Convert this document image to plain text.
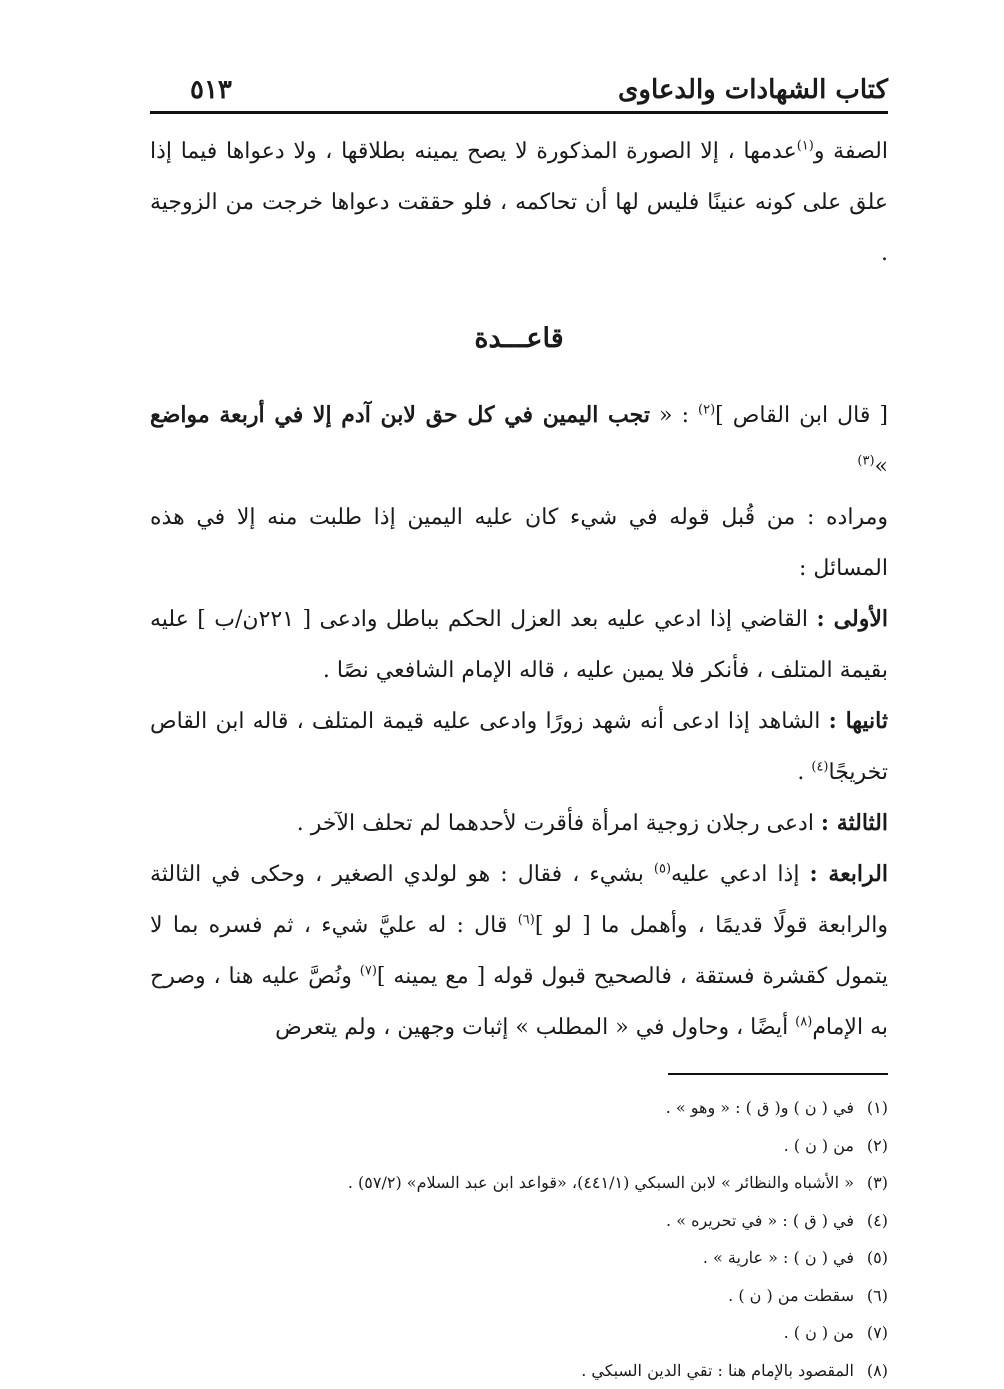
كتاب الشهادات والدعاوى
٥١٣

الصفة و$^{(١)}$عدمها ، إلا الصورة المذكورة لا يصح يمينه بطلاقها ، ولا دعواها فيما إذا علق على كونه عنينًا فليس لها أن تحاكمه ، فلو حققت دعواها خرجت من الزوجية .

قاعـــدة

[ قال ابن القاص ]$^{(٢)}$ : « تجب اليمين في كل حق لابن آدم إلا في أربعة مواضع »$^{(٣)}$

ومراده : من قُبل قوله في شيء كان عليه اليمين إذا طلبت منه إلا في هذه المسائل :

الأولى : القاضي إذا ادعي عليه بعد العزل الحكم بباطل وادعى [ ٢٢١ن/ب ] عليه بقيمة المتلف ، فأنكر فلا يمين عليه ، قاله الإمام الشافعي نصًا .

ثانيها : الشاهد إذا ادعى أنه شهد زورًا وادعى عليه قيمة المتلف ، قاله ابن القاص تخريجًا$^{(٤)}$ .

الثالثة : ادعى رجلان زوجية امرأة فأقرت لأحدهما لم تحلف الآخر .

الرابعة : إذا ادعي عليه$^{(٥)}$ بشيء ، فقال : هو لولدي الصغير ، وحكى في الثالثة والرابعة قولًا قديمًا ، وأهمل ما [ لو ]$^{(٦)}$ قال : له عليَّ شيء ، ثم فسره بما لا يتمول كقشرة فستقة ، فالصحيح قبول قوله [ مع يمينه ]$^{(٧)}$ ونُصَّ عليه هنا ، وصرح به الإمام$^{(٨)}$ أيضًا ، وحاول في « المطلب » إثبات وجهين ، ولم يتعرض

(١)
في ( ن ) و( ق ) : « وهو » .
(٢)
من ( ن ) .
(٣)
« الأشباه والنظائر » لابن السبكي (٤٤١/١)، «قواعد ابن عبد السلام» (٥٧/٢) .
(٤)
في ( ق ) : « في تحريره » .
(٥)
في ( ن ) : « عارية » .
(٦)
سقطت من ( ن ) .
(٧)
من ( ن ) .
(٨)
المقصود بالإمام هنا : تقي الدين السبكي .
